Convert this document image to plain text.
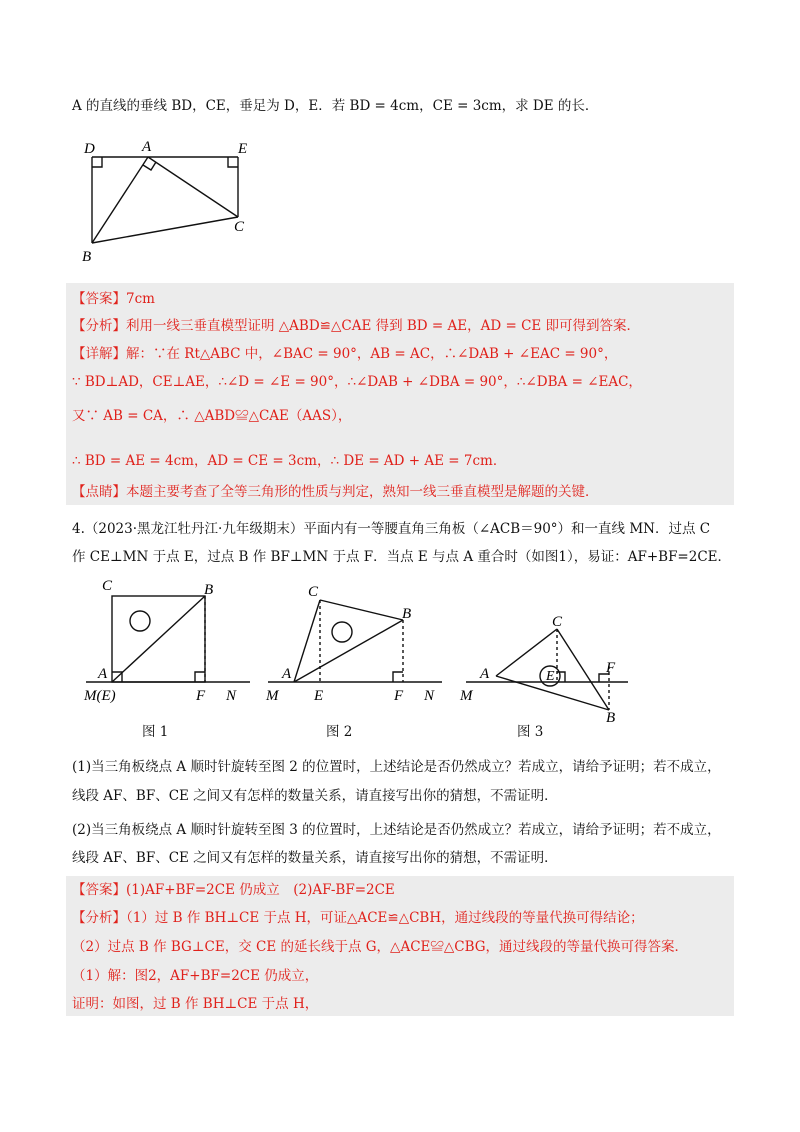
A 的直线的垂线 BD，CE，垂足为 D，E．若 BD = 4cm，CE = 3cm，求 DE 的长．
D	A	E
C
B
【答案】7cm
【分析】利用一线三垂直模型证明 △ABD≌△CAE 得到 BD = AE，AD = CE 即可得到答案．
【详解】解：∵在 Rt△ABC 中，∠BAC = 90°，AB = AC，∴∠DAB + ∠EAC = 90°，
∵ BD⊥AD，CE⊥AE，∴∠D = ∠E = 90°，∴∠DAB + ∠DBA = 90°，∴∠DBA = ∠EAC，
又∵ AB = CA，∴ △ABD≌△CAE（AAS），
∴ BD = AE = 4cm，AD = CE = 3cm，∴ DE = AD + AE = 7cm．
【点睛】本题主要考查了全等三角形的性质与判定，熟知一线三垂直模型是解题的关键．
4.（2023·黑龙江牡丹江·九年级期末）平面内有一等腰直角三角板（∠ACB＝90°）和一直线 MN．过点 C
作 CE⊥MN 于点 E，过点 B 作 BF⊥MN 于点 F．当点 E 与点 A 重合时（如图1），易证：AF+BF=2CE．
C	B
A
M(E)	F N
C
B
A
M E	F N
C
A	E
F
M
B
图 1	图 2	图 3
(1)当三角板绕点 A 顺时针旋转至图 2 的位置时，上述结论是否仍然成立？若成立，请给予证明；若不成立，
线段 AF、BF、CE 之间又有怎样的数量关系，请直接写出你的猜想，不需证明．
(2)当三角板绕点 A 顺时针旋转至图 3 的位置时，上述结论是否仍然成立？若成立，请给予证明；若不成立，
线段 AF、BF、CE 之间又有怎样的数量关系，请直接写出你的猜想，不需证明．
【答案】(1)AF+BF=2CE 仍成立　(2)AF-BF=2CE
【分析】（1）过 B 作 BH⊥CE 于点 H，可证△ACE≌△CBH，通过线段的等量代换可得结论；
（2）过点 B 作 BG⊥CE，交 CE 的延长线于点 G，△ACE≌△CBG，通过线段的等量代换可得答案．
（1）解：图2，AF+BF=2CE 仍成立，
证明：如图，过 B 作 BH⊥CE 于点 H，
